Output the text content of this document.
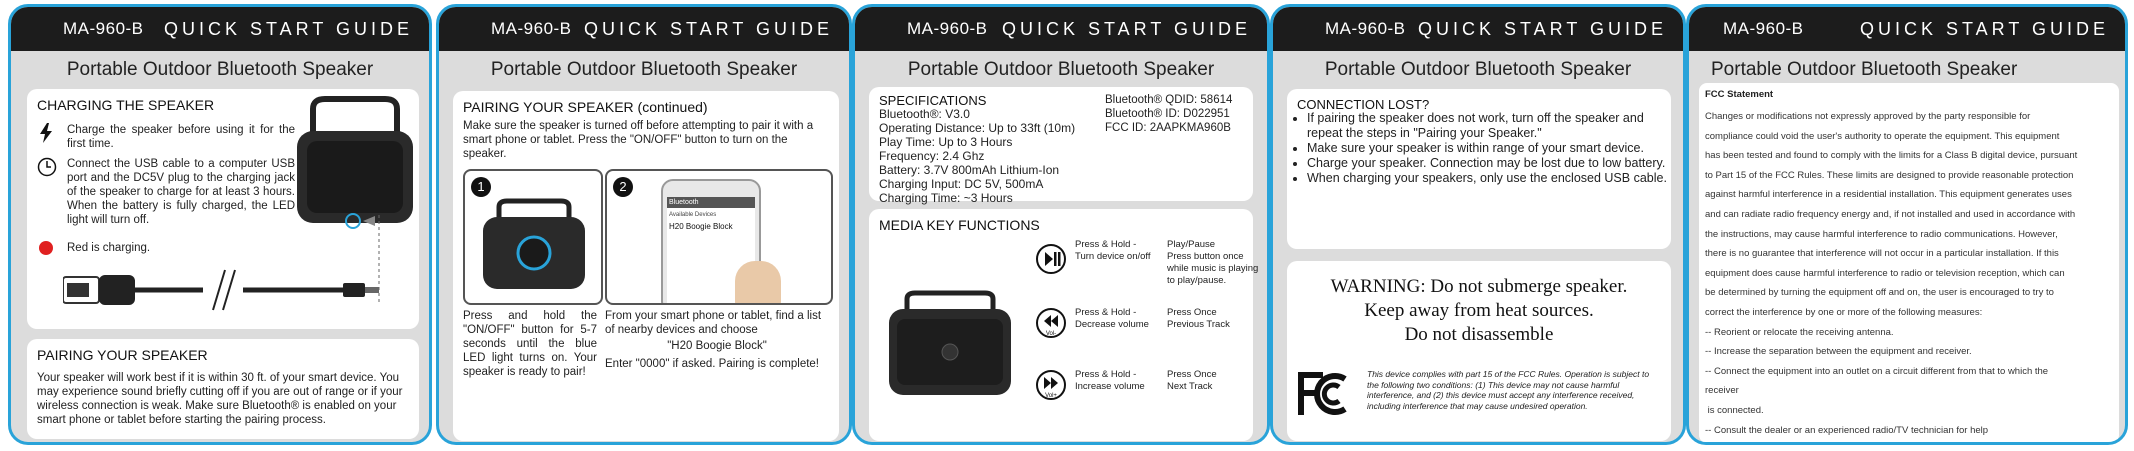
MA-960-B QUICK START GUIDE
Portable Outdoor Bluetooth Speaker
CHARGING THE SPEAKER
Charge the speaker before using it for the first time.
Connect the USB cable to a computer USB port and the DC5V plug to the charging jack of the speaker to charge for at least 3 hours. When the battery is fully charged, the LED light will turn off.
Red is charging.
PAIRING YOUR SPEAKER
Your speaker will work best if it is within 30 ft. of your smart device. You may experience sound briefly cutting off if you are out of range or if your wireless connection is weak. Make sure Bluetooth® is enabled on your smart phone or tablet before starting the pairing process.
MA-960-B QUICK START GUIDE
Portable Outdoor Bluetooth Speaker
PAIRING YOUR SPEAKER (continued)
Make sure the speaker is turned off before attempting to pair it with a smart phone or tablet. Press the "ON/OFF" button to turn on the speaker.
1	2
Bluetooth
Available Devices
H20 Boogie Block
Press and hold the "ON/OFF" button for 5-7 seconds until the blue LED light turns on. Your speaker is ready to pair!
From your smart phone or tablet, find a list of nearby devices and choose
"H20 Boogie Block"
Enter "0000" if asked. Pairing is complete!
MA-960-B QUICK START GUIDE
Portable Outdoor Bluetooth Speaker
SPECIFICATIONS
Bluetooth®: V3.0
Operating Distance: Up to 33ft (10m)
Play Time: Up to 3 Hours
Frequency: 2.4 Ghz
Battery: 3.7V 800mAh Lithium-Ion
Charging Input: DC 5V, 500mA
Charging Time: ~3 Hours
Bluetooth® QDID: 58614
Bluetooth® ID: D022951
FCC ID: 2AAPKMA960B
MEDIA KEY FUNCTIONS
Press & Hold -
Turn device on/off
Play/Pause
Press button once while music is playing to play/pause.
Vol-
Press & Hold -
Decrease volume
Press Once
Previous Track
Vol+
Press & Hold -
Increase volume
Press Once
Next Track
MA-960-B QUICK START GUIDE
Portable Outdoor Bluetooth Speaker
CONNECTION LOST?
• If pairing the speaker does not work, turn off the speaker and repeat the steps in "Pairing your Speaker."
• Make sure your speaker is within range of your smart device.
• Charge your speaker. Connection may be lost due to low battery.
• When charging your speakers, only use the enclosed USB cable.
WARNING: Do not submerge speaker.
Keep away from heat sources.
Do not disassemble
This device complies with part 15 of the FCC Rules. Operation is subject to the following two conditions: (1) This device may not cause harmful interference, and (2) this device must accept any interference received, including interference that may cause undesired operation.
MA-960-B	QUICK START GUIDE
Portable Outdoor Bluetooth Speaker
FCC Statement
Changes or modifications not expressly approved by the party responsible for
compliance could void the user's authority to operate the equipment. This equipment
has been tested and found to comply with the limits for a Class B digital device, pursuant
to Part 15 of the FCC Rules. These limits are designed to provide reasonable protection
against harmful interference in a residential installation. This equipment generates uses
and can radiate radio frequency energy and, if not installed and used in accordance with
the instructions, may cause harmful interference to radio communications. However,
there is no guarantee that interference will not occur in a particular installation. If this
equipment does cause harmful interference to radio or television reception, which can
be determined by turning the equipment off and on, the user is encouraged to try to
correct the interference by one or more of the following measures:
-- Reorient or relocate the receiving antenna.
-- Increase the separation between the equipment and receiver.
-- Connect the equipment into an outlet on a circuit different from that to which the
receiver
is connected.
-- Consult the dealer or an experienced radio/TV technician for help
